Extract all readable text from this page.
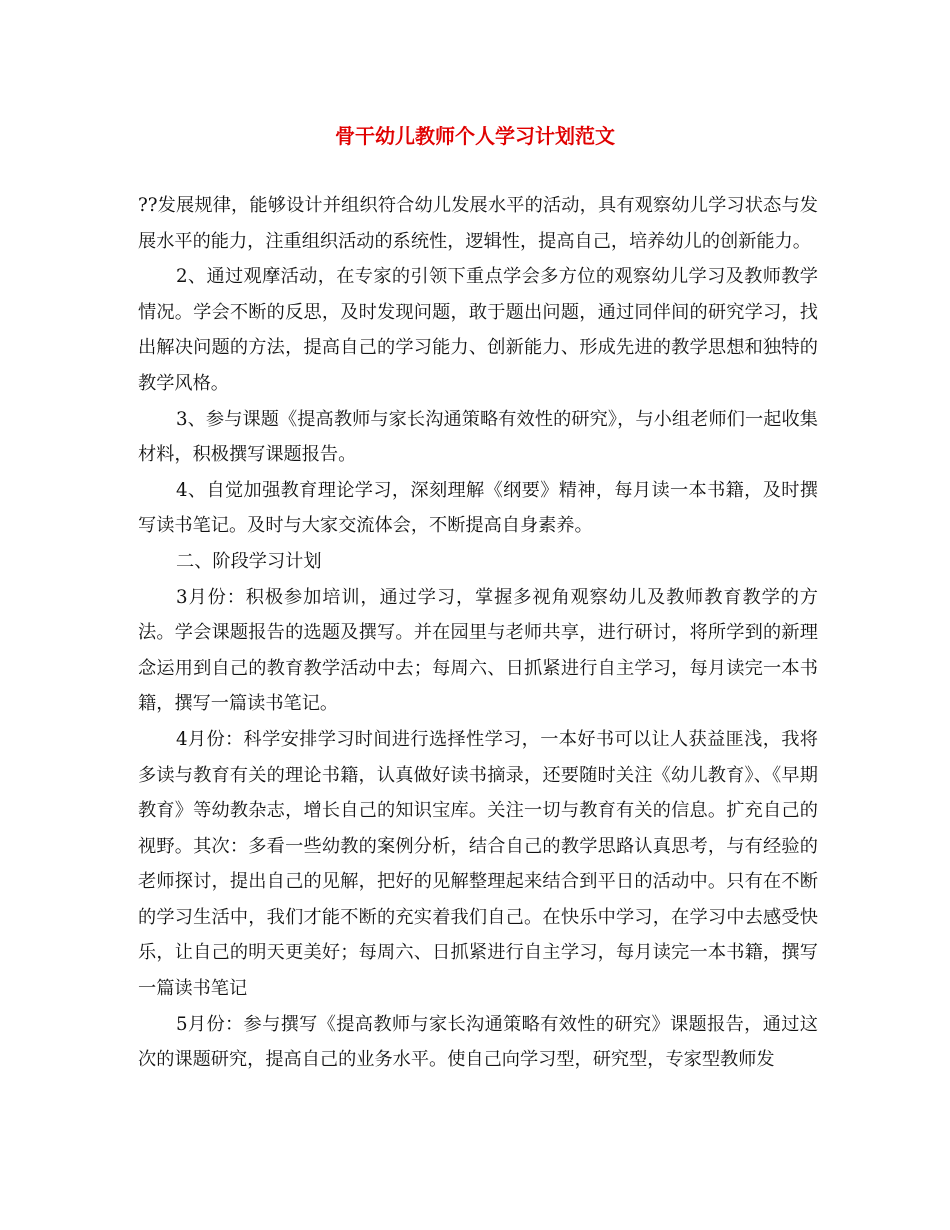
骨干幼儿教师个人学习计划范文

??发展规律，能够设计并组织符合幼儿发展水平的活动，具有观察幼儿学习状态与发展水平的能力，注重组织活动的系统性，逻辑性，提高自己，培养幼儿的创新能力。

2、通过观摩活动，在专家的引领下重点学会多方位的观察幼儿学习及教师教学情况。学会不断的反思，及时发现问题，敢于题出问题，通过同伴间的研究学习，找出解决问题的方法，提高自己的学习能力、创新能力、形成先进的教学思想和独特的教学风格。

3、参与课题《提高教师与家长沟通策略有效性的研究》，与小组老师们一起收集材料，积极撰写课题报告。

4、自觉加强教育理论学习，深刻理解《纲要》精神，每月读一本书籍，及时撰写读书笔记。及时与大家交流体会，不断提高自身素养。

二、阶段学习计划

3月份：积极参加培训，通过学习，掌握多视角观察幼儿及教师教育教学的方法。学会课题报告的选题及撰写。并在园里与老师共享，进行研讨，将所学到的新理念运用到自己的教育教学活动中去；每周六、日抓紧进行自主学习，每月读完一本书籍，撰写一篇读书笔记。

4月份：科学安排学习时间进行选择性学习，一本好书可以让人获益匪浅，我将多读与教育有关的理论书籍，认真做好读书摘录，还要随时关注《幼儿教育》、《早期教育》等幼教杂志，增长自己的知识宝库。关注一切与教育有关的信息。扩充自己的视野。其次：多看一些幼教的案例分析，结合自己的教学思路认真思考，与有经验的老师探讨，提出自己的见解，把好的见解整理起来结合到平日的活动中。只有在不断的学习生活中，我们才能不断的充实着我们自己。在快乐中学习，在学习中去感受快乐，让自己的明天更美好；每周六、日抓紧进行自主学习，每月读完一本书籍，撰写一篇读书笔记

5月份：参与撰写《提高教师与家长沟通策略有效性的研究》课题报告，通过这次的课题研究，提高自己的业务水平。使自己向学习型，研究型，专家型教师发
